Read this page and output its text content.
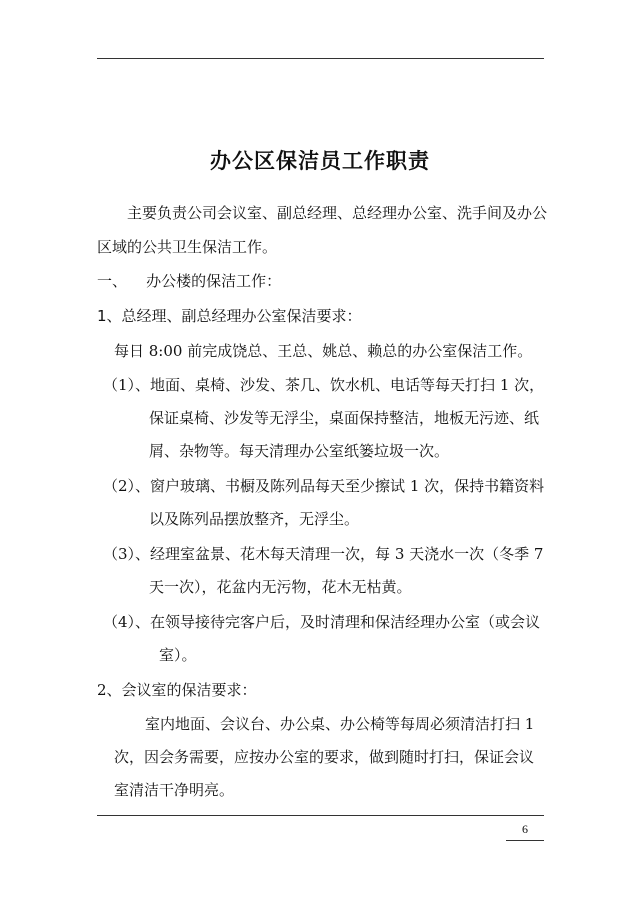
办公区保洁员工作职责
主要负责公司会议室、副总经理、总经理办公室、洗手间及办公
区域的公共卫生保洁工作。
一、    办公楼的保洁工作：
1、总经理、副总经理办公室保洁要求：
每日 8:00 前完成饶总、王总、姚总、赖总的办公室保洁工作。
（1）、地面、桌椅、沙发、茶几、饮水机、电话等每天打扫 1 次，
保证桌椅、沙发等无浮尘，桌面保持整洁，地板无污迹、纸
屑、杂物等。每天清理办公室纸篓垃圾一次。
（2）、窗户玻璃、书橱及陈列品每天至少擦试 1 次，保持书籍资料
以及陈列品摆放整齐，无浮尘。
（3）、经理室盆景、花木每天清理一次，每 3 天浇水一次（冬季 7
天一次），花盆内无污物，花木无枯黄。
（4）、在领导接待完客户后，及时清理和保洁经理办公室（或会议
室）。
2、会议室的保洁要求：
室内地面、会议台、办公桌、办公椅等每周必须清洁打扫 1
次，因会务需要，应按办公室的要求，做到随时打扫，保证会议
室清洁干净明亮。
6
